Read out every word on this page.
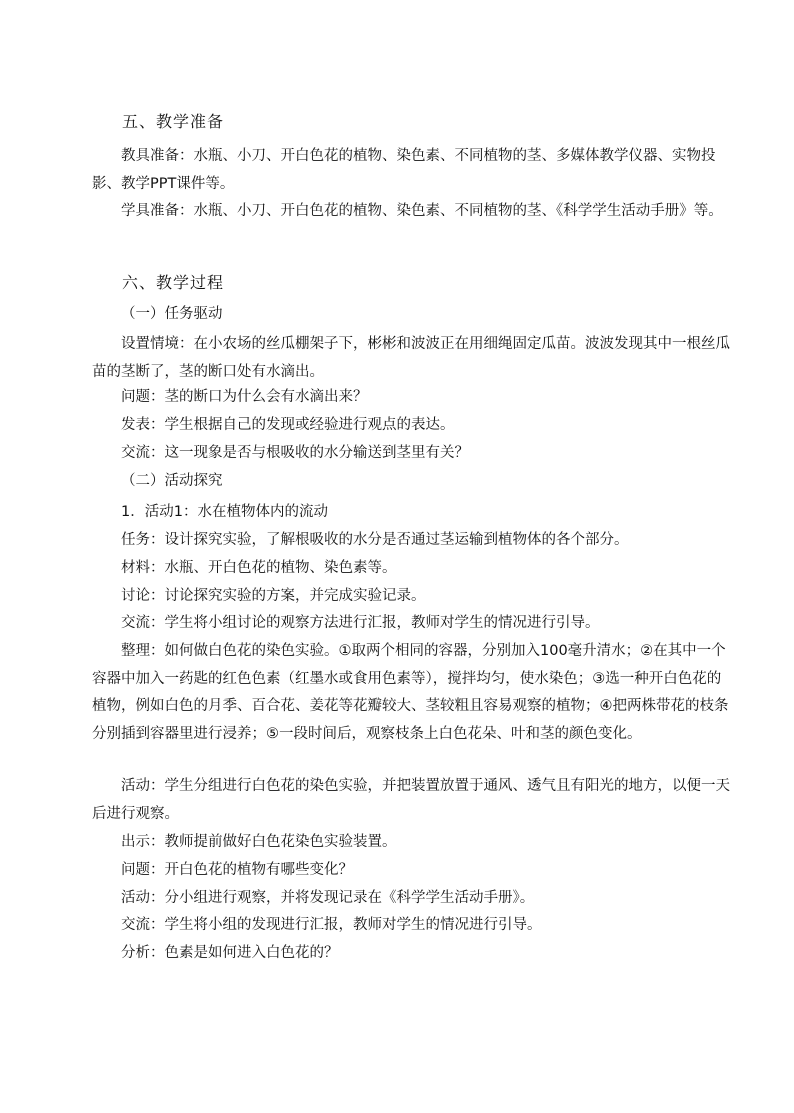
五、教学准备

教具准备：水瓶、小刀、开白色花的植物、染色素、不同植物的茎、多媒体教学仪器、实物投影、教学PPT课件等。

学具准备：水瓶、小刀、开白色花的植物、染色素、不同植物的茎、《科学学生活动手册》等。

六、教学过程

（一）任务驱动

设置情境：在小农场的丝瓜棚架子下，彬彬和波波正在用细绳固定瓜苗。波波发现其中一根丝瓜苗的茎断了，茎的断口处有水滴出。

问题：茎的断口为什么会有水滴出来？

发表：学生根据自己的发现或经验进行观点的表达。

交流：这一现象是否与根吸收的水分输送到茎里有关？

（二）活动探究

1．活动1：水在植物体内的流动

任务：设计探究实验，了解根吸收的水分是否通过茎运输到植物体的各个部分。

材料：水瓶、开白色花的植物、染色素等。

讨论：讨论探究实验的方案，并完成实验记录。

交流：学生将小组讨论的观察方法进行汇报，教师对学生的情况进行引导。

整理：如何做白色花的染色实验。①取两个相同的容器，分别加入100毫升清水；②在其中一个容器中加入一药匙的红色色素（红墨水或食用色素等），搅拌均匀，使水染色；③选一种开白色花的植物，例如白色的月季、百合花、姜花等花瓣较大、茎较粗且容易观察的植物；④把两株带花的枝条分别插到容器里进行浸养；⑤一段时间后，观察枝条上白色花朵、叶和茎的颜色变化。

活动：学生分组进行白色花的染色实验，并把装置放置于通风、透气且有阳光的地方，以便一天后进行观察。

出示：教师提前做好白色花染色实验装置。

问题：开白色花的植物有哪些变化？

活动：分小组进行观察，并将发现记录在《科学学生活动手册》。

交流：学生将小组的发现进行汇报，教师对学生的情况进行引导。

分析：色素是如何进入白色花的？
